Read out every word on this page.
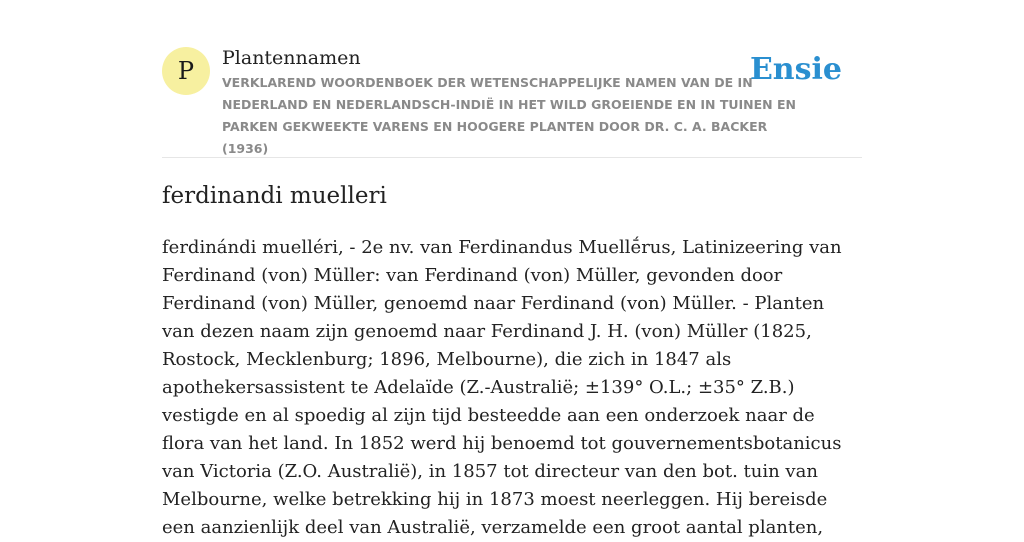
P	Plantennamen
VERKLAREND WOORDENBOEK DER WETENSCHAPPELIJKE NAMEN VAN DE IN NEDERLAND EN NEDERLANDSCH-INDIË IN HET WILD GROEIENDE EN IN TUINEN EN PARKEN GEKWEEKTE VARENS EN HOOGERE PLANTEN DOOR DR. C. A. BACKER (1936)
Ensie
ferdinandi muelleri

ferdinándi muelléri, - 2e nv. van Ferdinandus Muellḗrus, Latinizeering van Ferdinand (von) Müller: van Ferdinand (von) Müller, gevonden door Ferdinand (von) Müller, genoemd naar Ferdinand (von) Müller. - Planten van dezen naam zijn genoemd naar Ferdinand J. H. (von) Müller (1825, Rostock, Mecklenburg; 1896, Melbourne), die zich in 1847 als apothekersassistent te Adelaïde (Z.-Australië; ±139° O.L.; ±35° Z.B.) vestigde en al spoedig al zijn tijd besteedde aan een onderzoek naar de flora van het land. In 1852 werd hij benoemd tot gouvernementsbotanicus van Victoria (Z.O. Australië), in 1857 tot directeur van den bot. tuin van Melbourne, welke betrekking hij in 1873 moest neerleggen. Hij bereisde een aanzienlijk deel van Australië, verzamelde een groot aantal planten,
